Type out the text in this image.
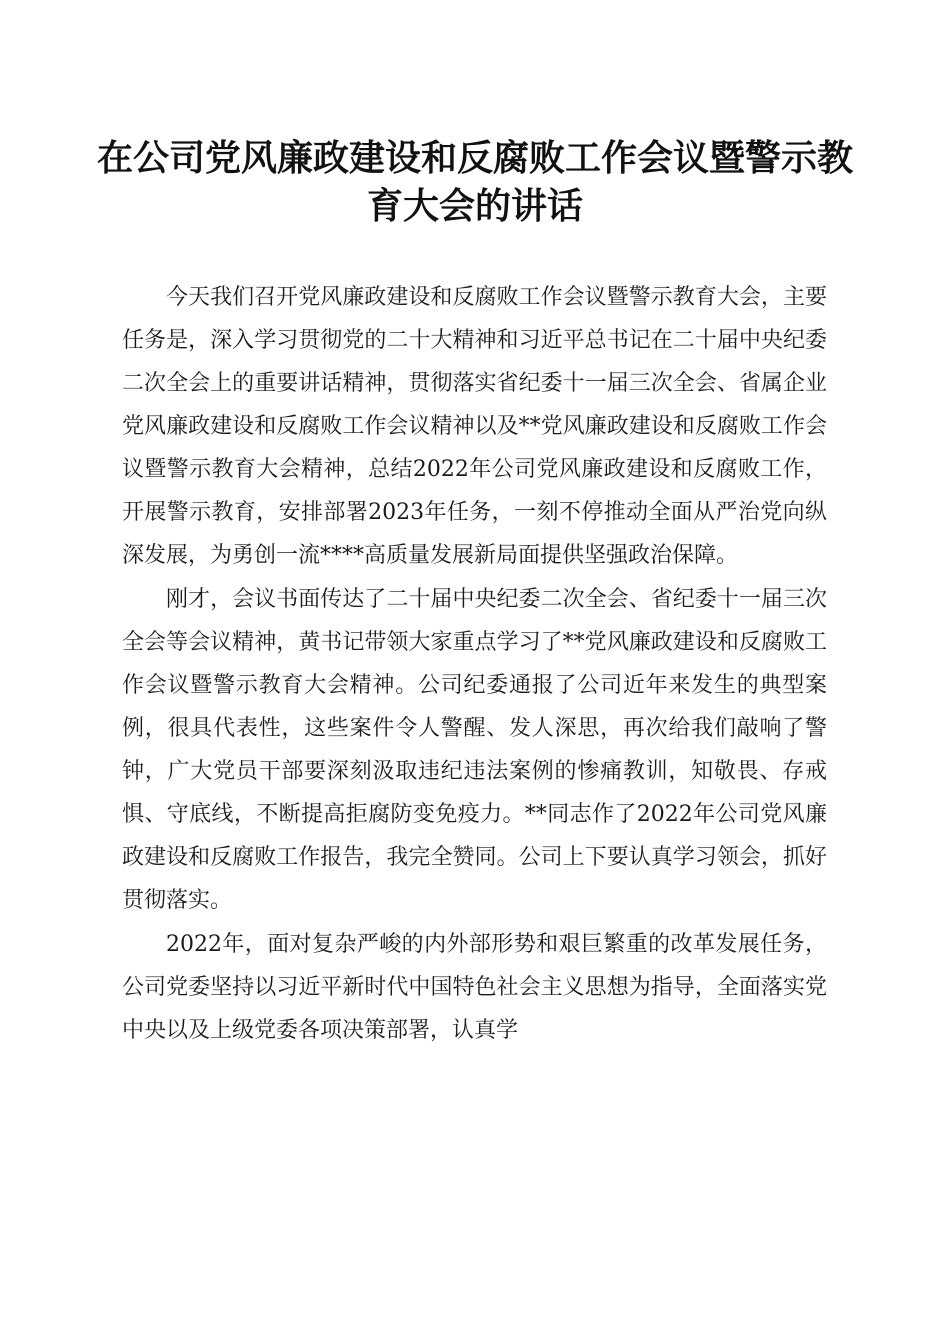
在公司党风廉政建设和反腐败工作会议暨警示教育大会的讲话

今天我们召开党风廉政建设和反腐败工作会议暨警示教育大会，主要任务是，深入学习贯彻党的二十大精神和习近平总书记在二十届中央纪委二次全会上的重要讲话精神，贯彻落实省纪委十一届三次全会、省属企业党风廉政建设和反腐败工作会议精神以及**党风廉政建设和反腐败工作会议暨警示教育大会精神，总结2022年公司党风廉政建设和反腐败工作，开展警示教育，安排部署2023年任务，一刻不停推动全面从严治党向纵深发展，为勇创一流****高质量发展新局面提供坚强政治保障。

刚才，会议书面传达了二十届中央纪委二次全会、省纪委十一届三次全会等会议精神，黄书记带领大家重点学习了**党风廉政建设和反腐败工作会议暨警示教育大会精神。公司纪委通报了公司近年来发生的典型案例，很具代表性，这些案件令人警醒、发人深思，再次给我们敲响了警钟，广大党员干部要深刻汲取违纪违法案例的惨痛教训，知敬畏、存戒惧、守底线，不断提高拒腐防变免疫力。**同志作了2022年公司党风廉政建设和反腐败工作报告，我完全赞同。公司上下要认真学习领会，抓好贯彻落实。

2022年，面对复杂严峻的内外部形势和艰巨繁重的改革发展任务，公司党委坚持以习近平新时代中国特色社会主义思想为指导，全面落实党中央以及上级党委各项决策部署，认真学
